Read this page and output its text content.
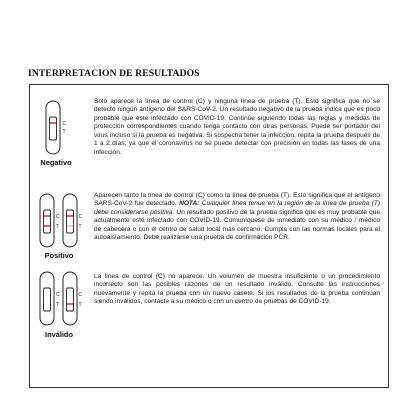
INTERPRETACION DE RESULTADOS
C
T
Negativo
Solo aparece la línea de control (C) y ninguna línea de prueba (T). Esto significa que no se detectó ningún antígeno del SARS-CoV-2. Un resultado negativo de la prueba indica que es poco probable que esté infectado con COVID-19. Continúe siguiendo todas las reglas y medidas de protección correspondientes cuando tenga contacto con otras personas. Puede ser portador del virus incluso si la prueba es negativa. Si sospecha tener la infección, repita la prueba después de 1 a 2 días, ya que el coronavirus no se puede detectar con precisión en todas las fases de una infección.
C
T
C
T
Positivo
Aparecen tanto la línea de control (C) como la línea de prueba (T). Esto significa que el antígeno SARS-CoV-2 fue detectado. NOTA: Cualquier línea tenue en la región de la línea de prueba (T) debe considerarse positiva. Un resultado positivo de la prueba significa que es muy probable que actualmente esté infectado con COVID-19. Comuníquese de inmediato con su médico / médico de cabecera o con el centro de salud local más cercano. Cumpla con las normas locales para el autoaislamiento. Debe realizarse una prueba de confirmación PCR.
C
T
C
T
Inválido
La línea de control (C) no aparece. Un volumen de muestra insuficiente o un procedimiento incorrecto son las posibles razones de un resultado inválido. Consulte las instrucciones nuevamente y repita la prueba con un nuevo casete. Si los resultados de la prueba continúan siendo inválidos, contacte a su médico o con un centro de pruebas de COVID-19.
